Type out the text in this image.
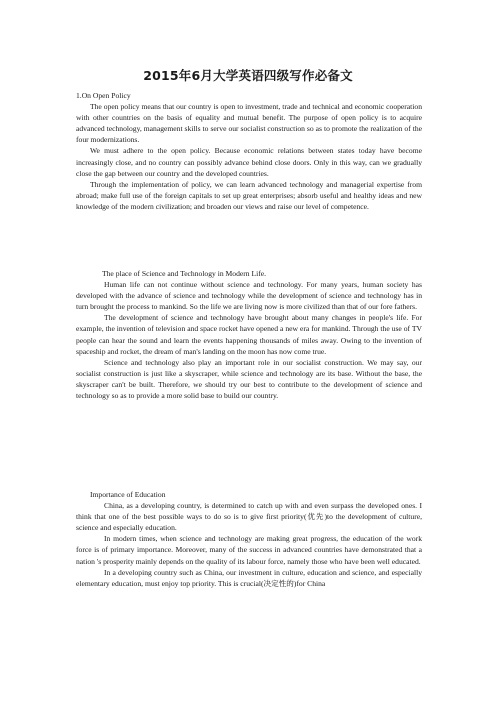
2015年6月大学英语四级写作必备文

1.On Open Policy

The open policy means that our country is open to investment, trade and technical and economic cooperation with other countries on the basis of equality and mutual benefit. The purpose of open policy is to acquire advanced technology, management skills to serve our socialist construction so as to promote the realization of the four modernizations.

We must adhere to the open policy. Because economic relations between states today have become increasingly close, and no country can possibly advance behind close doors. Only in this way, can we gradually close the gap between our country and the developed countries.

Through the implementation of policy, we can learn advanced technology and managerial expertise from abroad; make full use of the foreign capitals to set up great enterprises; absorb useful and healthy ideas and new knowledge of the modern civilization; and broaden our views and raise our level of competence.

The place of Science and Technology in Modern Life.

Human life can not continue without science and technology. For many years, human society has developed with the advance of science and technology while the development of science and technology has in turn brought the process to mankind. So the life we are living now is more civilized than that of our fore fathers.

The development of science and technology have brought about many changes in people's life. For example, the invention of television and space rocket have opened a new era for mankind. Through the use of TV people can hear the sound and learn the events happening thousands of miles away. Owing to the invention of spaceship and rocket, the dream of man's landing on the moon has now come true.

Science and technology also play an important role in our socialist construction. We may say, our socialist construction is just like a skyscraper, while science and technology are its base. Without the base, the skyscraper can't be built. Therefore, we should try our best to contribute to the development of science and technology so as to provide a more solid base to build our country.

Importance of Education

China, as a developing country, is determined to catch up with and even surpass the developed ones. I think that one of the best possible ways to do so is to give first priority(优先)to the development of culture, science and especially education.

In modern times, when science and technology are making great progress, the education of the work force is of primary importance. Moreover, many of the success in advanced countries have demonstrated that a nation 's prosperity mainly depends on the quality of its labour force, namely those who have been well educated.

In a developing country such as China, our investment in culture, education and science, and especially elementary education, must enjoy top priority. This is crucial(决定性的)for China
